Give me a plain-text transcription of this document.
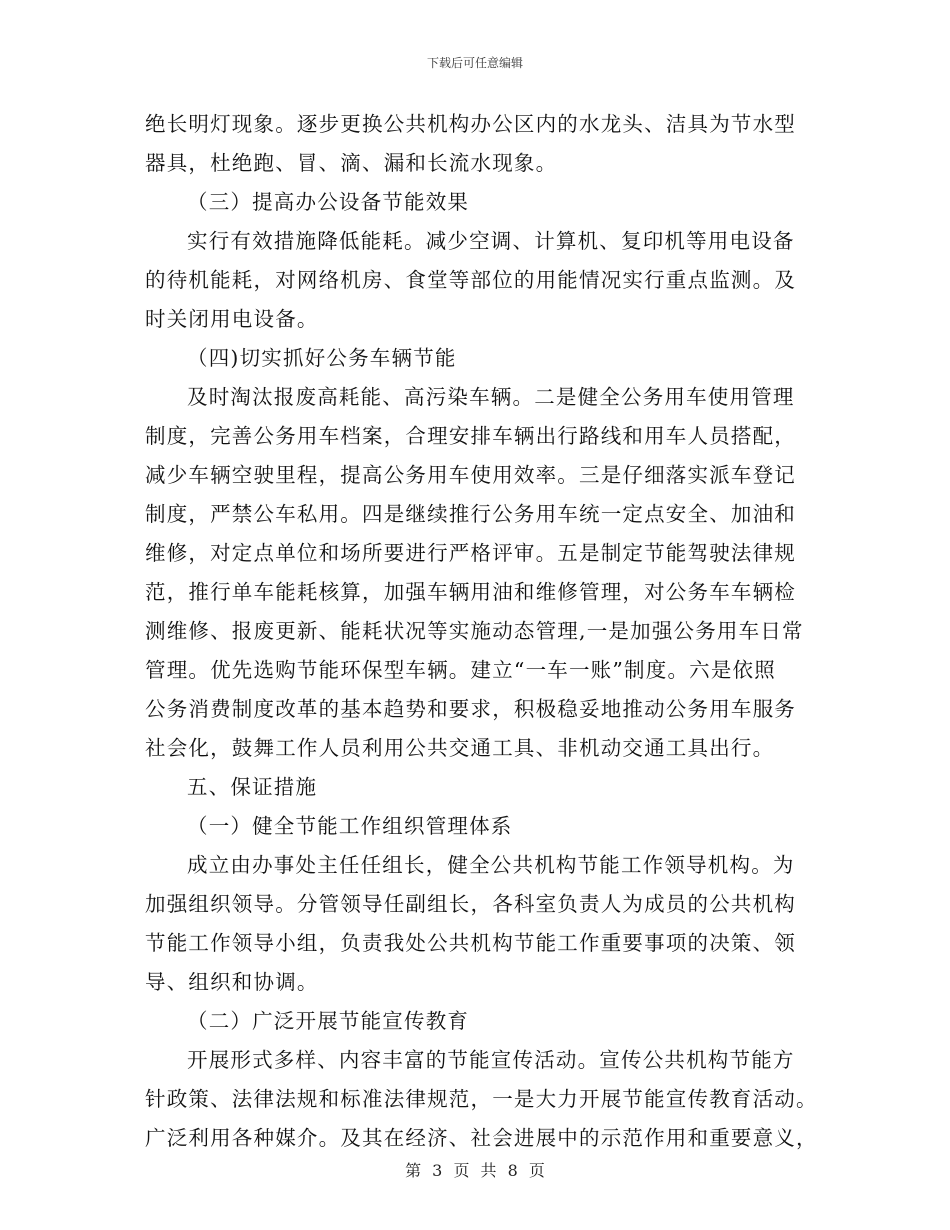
下载后可任意编辑
绝长明灯现象。逐步更换公共机构办公区内的水龙头、洁具为节水型
器具，杜绝跑、冒、滴、漏和长流水现象。
（三）提高办公设备节能效果
实行有效措施降低能耗。减少空调、计算机、复印机等用电设备
的待机能耗，对网络机房、食堂等部位的用能情况实行重点监测。及
时关闭用电设备。
（四)切实抓好公务车辆节能
及时淘汰报废高耗能、高污染车辆。二是健全公务用车使用管理
制度，完善公务用车档案，合理安排车辆出行路线和用车人员搭配，
减少车辆空驶里程，提高公务用车使用效率。三是仔细落实派车登记
制度，严禁公车私用。四是继续推行公务用车统一定点安全、加油和
维修，对定点单位和场所要进行严格评审。五是制定节能驾驶法律规
范，推行单车能耗核算，加强车辆用油和维修管理，对公务车车辆检
测维修、报废更新、能耗状况等实施动态管理,一是加强公务用车日常
管理。优先选购节能环保型车辆。建立“一车一账”制度。六是依照
公务消费制度改革的基本趋势和要求，积极稳妥地推动公务用车服务
社会化，鼓舞工作人员利用公共交通工具、非机动交通工具出行。
五、保证措施
（一）健全节能工作组织管理体系
成立由办事处主任任组长，健全公共机构节能工作领导机构。为
加强组织领导。分管领导任副组长，各科室负责人为成员的公共机构
节能工作领导小组，负责我处公共机构节能工作重要事项的决策、领
导、组织和协调。
（二）广泛开展节能宣传教育
开展形式多样、内容丰富的节能宣传活动。宣传公共机构节能方
针政策、法律法规和标准法律规范，一是大力开展节能宣传教育活动。
广泛利用各种媒介。及其在经济、社会进展中的示范作用和重要意义，
第 3 页 共 8 页
